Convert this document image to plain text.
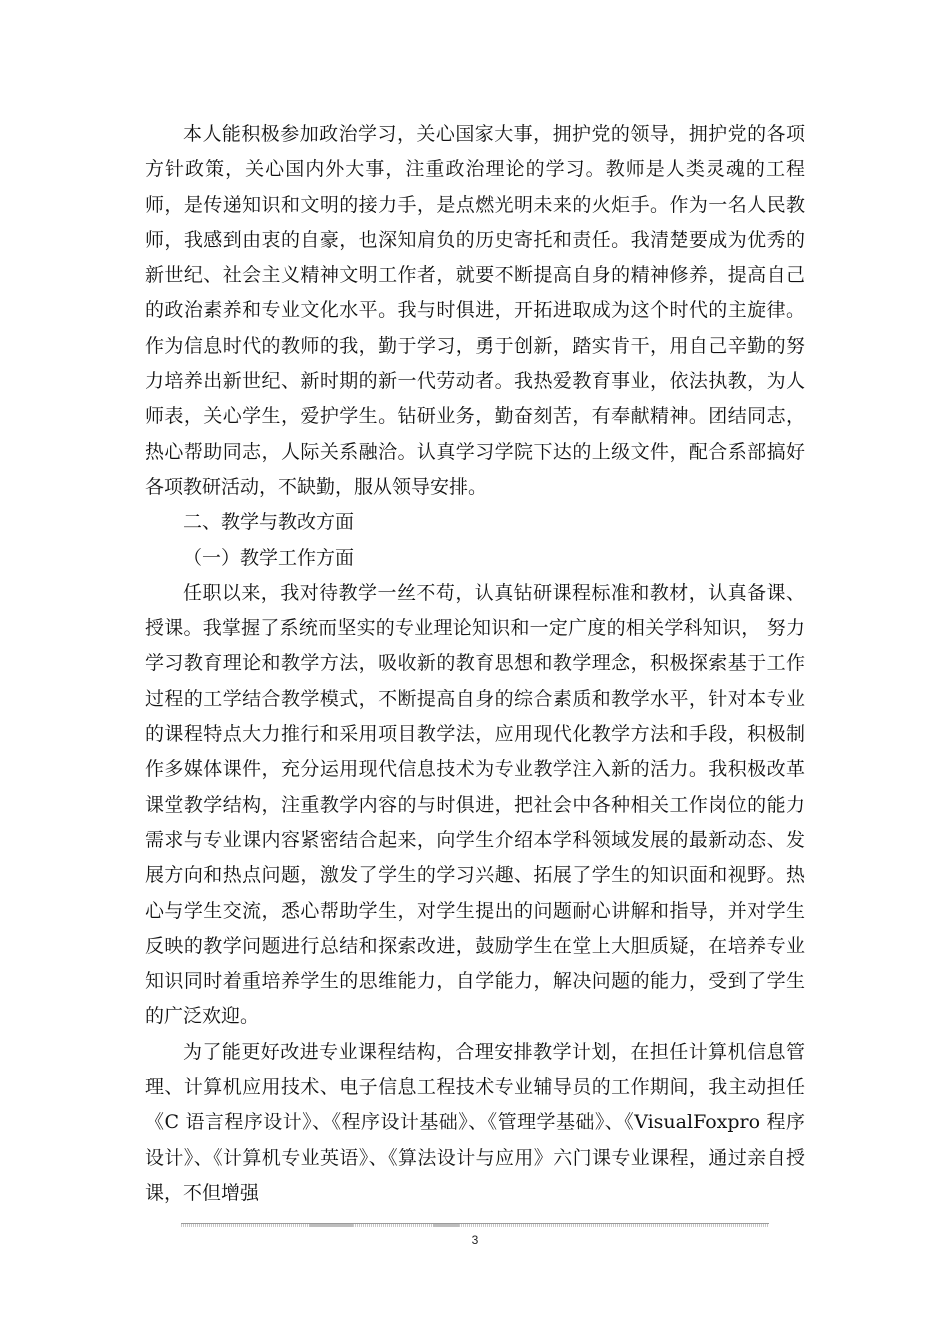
本人能积极参加政治学习，关心国家大事，拥护党的领导，拥护党的各项方针政策，关心国内外大事，注重政治理论的学习。教师是人类灵魂的工程师，是传递知识和文明的接力手，是点燃光明未来的火炬手。作为一名人民教师，我感到由衷的自豪，也深知肩负的历史寄托和责任。我清楚要成为优秀的新世纪、社会主义精神文明工作者，就要不断提高自身的精神修养，提高自己的政治素养和专业文化水平。我与时俱进，开拓进取成为这个时代的主旋律。作为信息时代的教师的我，勤于学习，勇于创新，踏实肯干，用自己辛勤的努力培养出新世纪、新时期的新一代劳动者。我热爱教育事业，依法执教，为人师表，关心学生，爱护学生。钻研业务，勤奋刻苦，有奉献精神。团结同志，热心帮助同志，人际关系融洽。认真学习学院下达的上级文件，配合系部搞好各项教研活动，不缺勤，服从领导安排。

二、教学与教改方面

（一）教学工作方面

任职以来，我对待教学一丝不苟，认真钻研课程标准和教材，认真备课、授课。我掌握了系统而坚实的专业理论知识和一定广度的相关学科知识， 努力学习教育理论和教学方法，吸收新的教育思想和教学理念，积极探索基于工作过程的工学结合教学模式，不断提高自身的综合素质和教学水平，针对本专业的课程特点大力推行和采用项目教学法，应用现代化教学方法和手段，积极制作多媒体课件，充分运用现代信息技术为专业教学注入新的活力。我积极改革课堂教学结构，注重教学内容的与时俱进，把社会中各种相关工作岗位的能力需求与专业课内容紧密结合起来，向学生介绍本学科领域发展的最新动态、发展方向和热点问题，激发了学生的学习兴趣、拓展了学生的知识面和视野。热心与学生交流，悉心帮助学生，对学生提出的问题耐心讲解和指导，并对学生反映的教学问题进行总结和探索改进，鼓励学生在堂上大胆质疑，在培养专业知识同时着重培养学生的思维能力，自学能力，解决问题的能力，受到了学生的广泛欢迎。

为了能更好改进专业课程结构，合理安排教学计划，在担任计算机信息管理、计算机应用技术、电子信息工程技术专业辅导员的工作期间，我主动担任《C 语言程序设计》、《程序设计基础》、《管理学基础》、《VisualFoxpro 程序设计》、《计算机专业英语》、《算法设计与应用》六门课专业课程，通过亲自授课，不但增强

3
